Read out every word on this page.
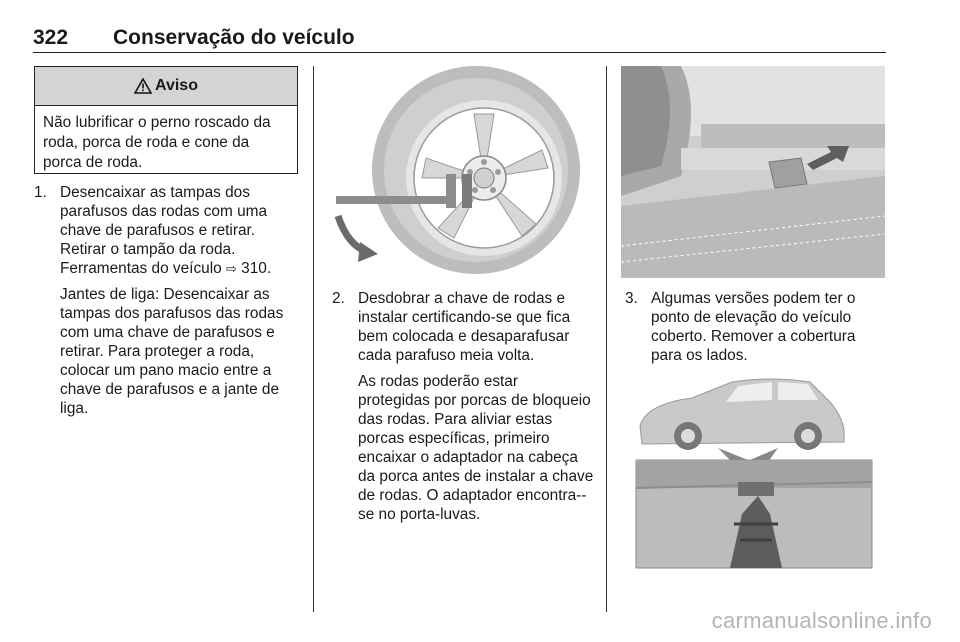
322 Conservação do veículo
Aviso
Não lubrificar o perno roscado da roda, porca de roda e cone da porca de roda.
1. Desencaixar as tampas dos parafusos das rodas com uma chave de parafusos e retirar. Retirar o tampão da roda. Ferramentas do veículo ⇨ 310.

Jantes de liga: Desencaixar as tampas dos parafusos das rodas com uma chave de parafusos e retirar. Para proteger a roda, colocar um pano macio entre a chave de parafusos e a jante de liga.

2. Desdobrar a chave de rodas e instalar certificando-se que fica bem colocada e desaparafusar cada parafuso meia volta.

As rodas poderão estar protegidas por porcas de bloqueio das rodas. Para aliviar estas porcas específicas, primeiro encaixar o adaptador na cabeça da porca antes de instalar a chave de rodas. O adaptador encontra--se no porta-luvas.

3. Algumas versões podem ter o ponto de elevação do veículo coberto. Remover a cobertura para os lados.

carmanualsonline.info
